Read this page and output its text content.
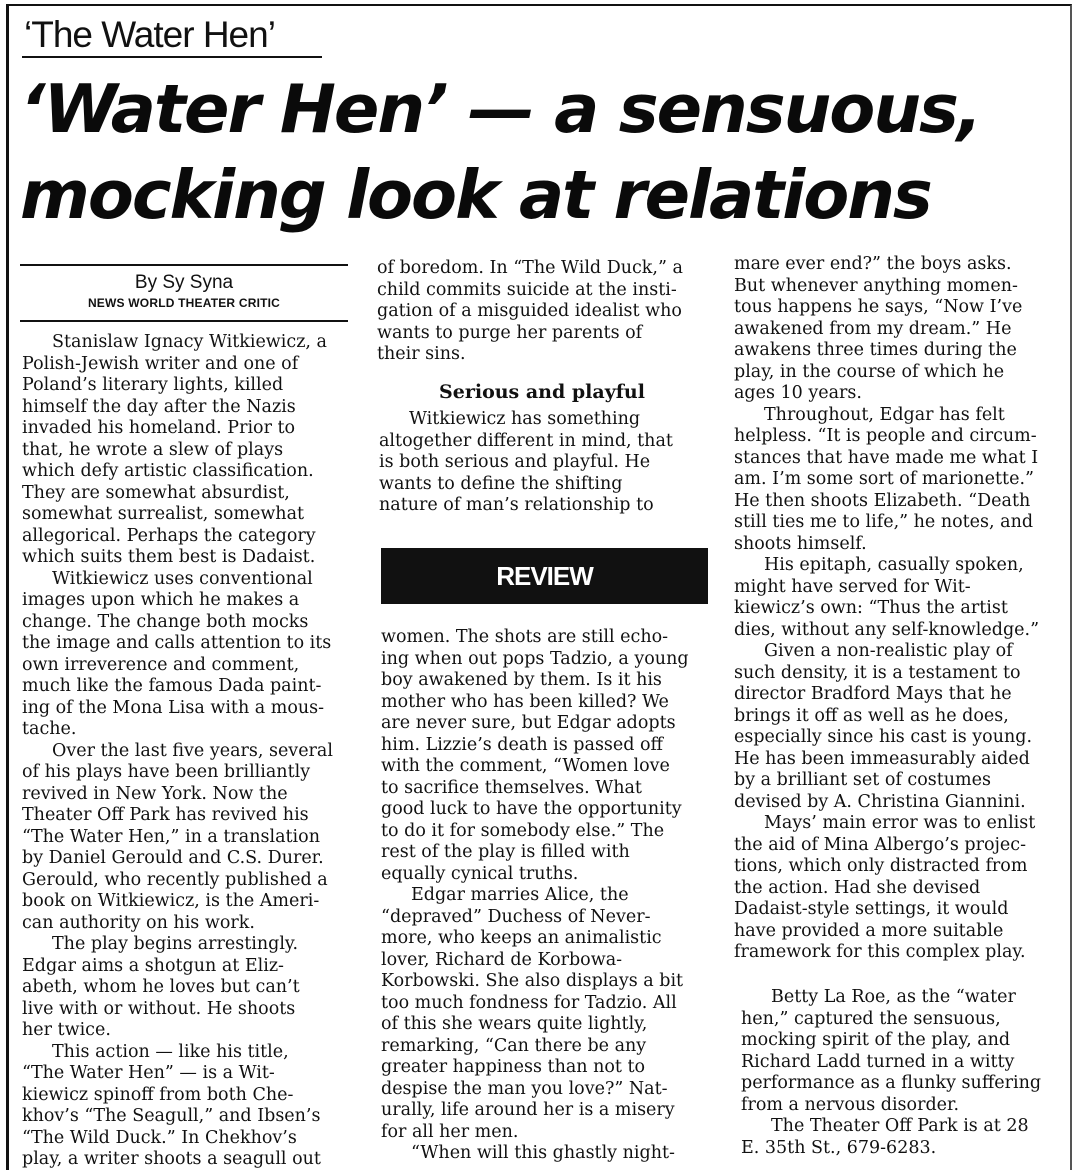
‘The Water Hen’
‘Water Hen’ — a sensuous,
mocking look at relations
By Sy Syna
NEWS WORLD THEATER CRITIC
Stanislaw Ignacy Witkiewicz, a
Polish-Jewish writer and one of
Poland’s literary lights, killed
himself the day after the Nazis
invaded his homeland. Prior to
that, he wrote a slew of plays
which defy artistic classification.
They are somewhat absurdist,
somewhat surrealist, somewhat
allegorical. Perhaps the category
which suits them best is Dadaist.
Witkiewicz uses conventional
images upon which he makes a
change. The change both mocks
the image and calls attention to its
own irreverence and comment,
much like the famous Dada paint-
ing of the Mona Lisa with a mous-
tache.
Over the last five years, several
of his plays have been brilliantly
revived in New York. Now the
Theater Off Park has revived his
“The Water Hen,” in a translation
by Daniel Gerould and C.S. Durer.
Gerould, who recently published a
book on Witkiewicz, is the Ameri-
can authority on his work.
The play begins arrestingly.
Edgar aims a shotgun at Eliz-
abeth, whom he loves but can’t
live with or without. He shoots
her twice.
This action — like his title,
“The Water Hen” — is a Wit-
kiewicz spinoff from both Che-
khov’s “The Seagull,” and Ibsen’s
“The Wild Duck.” In Chekhov’s
play, a writer shoots a seagull out
of boredom. In “The Wild Duck,” a
child commits suicide at the insti-
gation of a misguided idealist who
wants to purge her parents of
their sins.
Serious and playful
Witkiewicz has something
altogether different in mind, that
is both serious and playful. He
wants to define the shifting
nature of man’s relationship to
REVIEW
women. The shots are still echo-
ing when out pops Tadzio, a young
boy awakened by them. Is it his
mother who has been killed? We
are never sure, but Edgar adopts
him. Lizzie’s death is passed off
with the comment, “Women love
to sacrifice themselves. What
good luck to have the opportunity
to do it for somebody else.” The
rest of the play is filled with
equally cynical truths.
Edgar marries Alice, the
“depraved” Duchess of Never-
more, who keeps an animalistic
lover, Richard de Korbowa-
Korbowski. She also displays a bit
too much fondness for Tadzio. All
of this she wears quite lightly,
remarking, “Can there be any
greater happiness than not to
despise the man you love?” Nat-
urally, life around her is a misery
for all her men.
“When will this ghastly night-
mare ever end?” the boys asks.
But whenever anything momen-
tous happens he says, “Now I’ve
awakened from my dream.” He
awakens three times during the
play, in the course of which he
ages 10 years.
Throughout, Edgar has felt
helpless. “It is people and circum-
stances that have made me what I
am. I’m some sort of marionette.”
He then shoots Elizabeth. “Death
still ties me to life,” he notes, and
shoots himself.
His epitaph, casually spoken,
might have served for Wit-
kiewicz’s own: “Thus the artist
dies, without any self-knowledge.”
Given a non-realistic play of
such density, it is a testament to
director Bradford Mays that he
brings it off as well as he does,
especially since his cast is young.
He has been immeasurably aided
by a brilliant set of costumes
devised by A. Christina Giannini.
Mays’ main error was to enlist
the aid of Mina Albergo’s projec-
tions, which only distracted from
the action. Had she devised
Dadaist-style settings, it would
have provided a more suitable
framework for this complex play.
Betty La Roe, as the “water
hen,” captured the sensuous,
mocking spirit of the play, and
Richard Ladd turned in a witty
performance as a flunky suffering
from a nervous disorder.
The Theater Off Park is at 28
E. 35th St., 679-6283.
